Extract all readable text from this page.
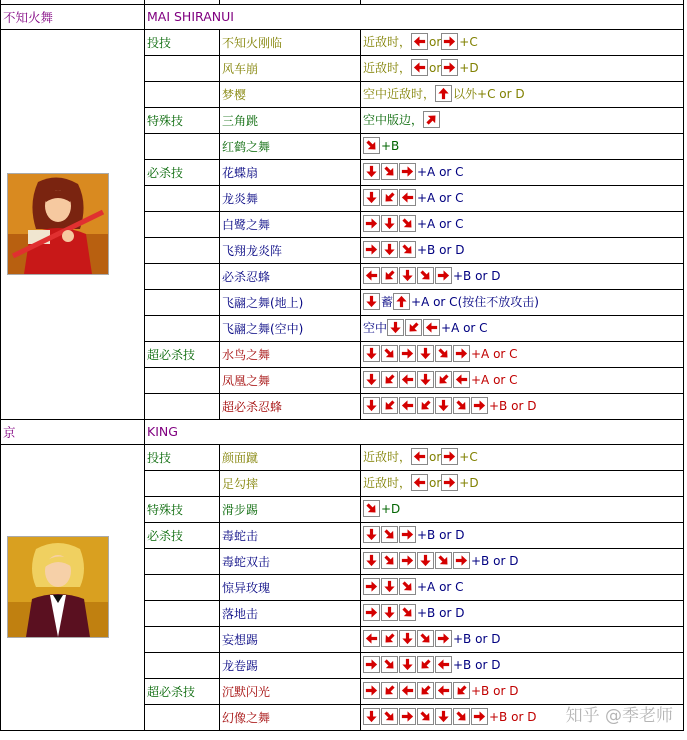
不知火舞	MAI SHIRANUI		

	投技	不知火刚临	近敌时， or +C
		风车崩	近敌时， or +D
		梦樱	空中近敌时， 以外+C or D
	特殊技	三角跳	空中版边，

		红鹤之舞	+B
	必杀技	花蝶扇	+A or C
		龙炎舞	+A or C
		白鹭之舞	+A or C
		飞翔龙炎阵	+B or D
		必杀忍蜂	+B or D
		飞翮之舞(地上)	蓄 +A or C(按住不放攻击)
		飞翮之舞(空中)	空中 +A or C
	超必杀技	水鸟之舞	+A or C
		凤凰之舞	+A or C
		超必杀忍蜂	+B or D
京	KING		

	投技	颜面蹴	近敌时， or +C
		足勾摔	近敌时， or +D
	特殊技	滑步踢	+D
	必杀技	毒蛇击	+B or D
		毒蛇双击	+B or D
		惊异玫瑰	+A or C
		落地击	+B or D
		妄想踢	+B or D
		龙卷踢	+B or D
	超必杀技	沉默闪光	+B or D
		幻像之舞	+B or D 知乎 @季老师
